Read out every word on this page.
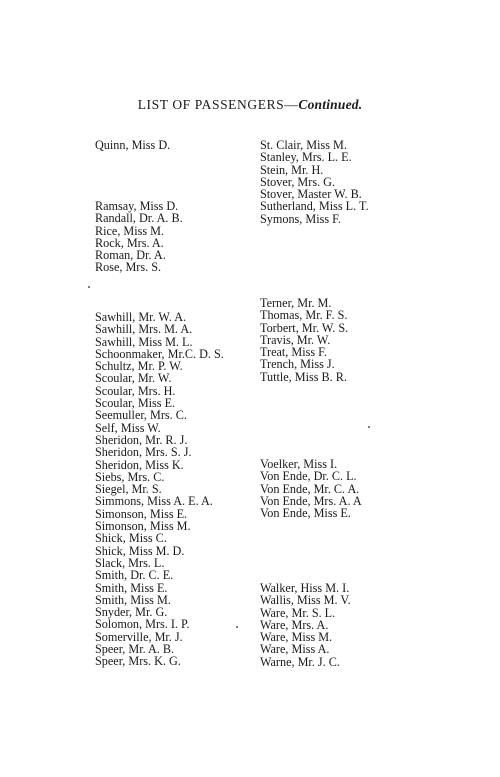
LIST OF PASSENGERS—Continued.
Quinn, Miss D.
Ramsay, Miss D.
Randall, Dr. A. B.
Rice, Miss M.
Rock, Mrs. A.
Roman, Dr. A.
Rose, Mrs. S.
Sawhill, Mr. W. A.
Sawhill, Mrs. M. A.
Sawhill, Miss M. L.
Schoonmaker, Mr.C. D. S.
Schultz, Mr. P. W.
Scoular, Mr. W.
Scoular, Mrs. H.
Scoular, Miss E.
Seemuller, Mrs. C.
Self, Miss W.
Sheridon, Mr. R. J.
Sheridon, Mrs. S. J.
Sheridon, Miss K.
Siebs, Mrs. C.
Siegel, Mr. S.
Simmons, Miss A. E. A.
Simonson, Miss E.
Simonson, Miss M.
Shick, Miss C.
Shick, Miss M. D.
Slack, Mrs. L.
Smith, Dr. C. E.
Smith, Miss E.
Smith, Miss M.
Snyder, Mr. G.
Solomon, Mrs. I. P.
Somerville, Mr. J.
Speer, Mr. A. B.
Speer, Mrs. K. G.
St. Clair, Miss M.
Stanley, Mrs. L. E.
Stein, Mr. H.
Stover, Mrs. G.
Stover, Master W. B.
Sutherland, Miss L. T.
Symons, Miss F.
Terner, Mr. M.
Thomas, Mr. F. S.
Torbert, Mr. W. S.
Travis, Mr. W.
Treat, Miss F.
Trench, Miss J.
Tuttle, Miss B. R.
Voelker, Miss I.
Von Ende, Dr. C. L.
Von Ende, Mr. C. A.
Von Ende, Mrs. A. A
Von Ende, Miss E.
Walker, Hiss M. I.
Wallis, Miss M. V.
Ware, Mr. S. L.
Ware, Mrs. A.
Ware, Miss M.
Ware, Miss A.
Warne, Mr. J. C.
